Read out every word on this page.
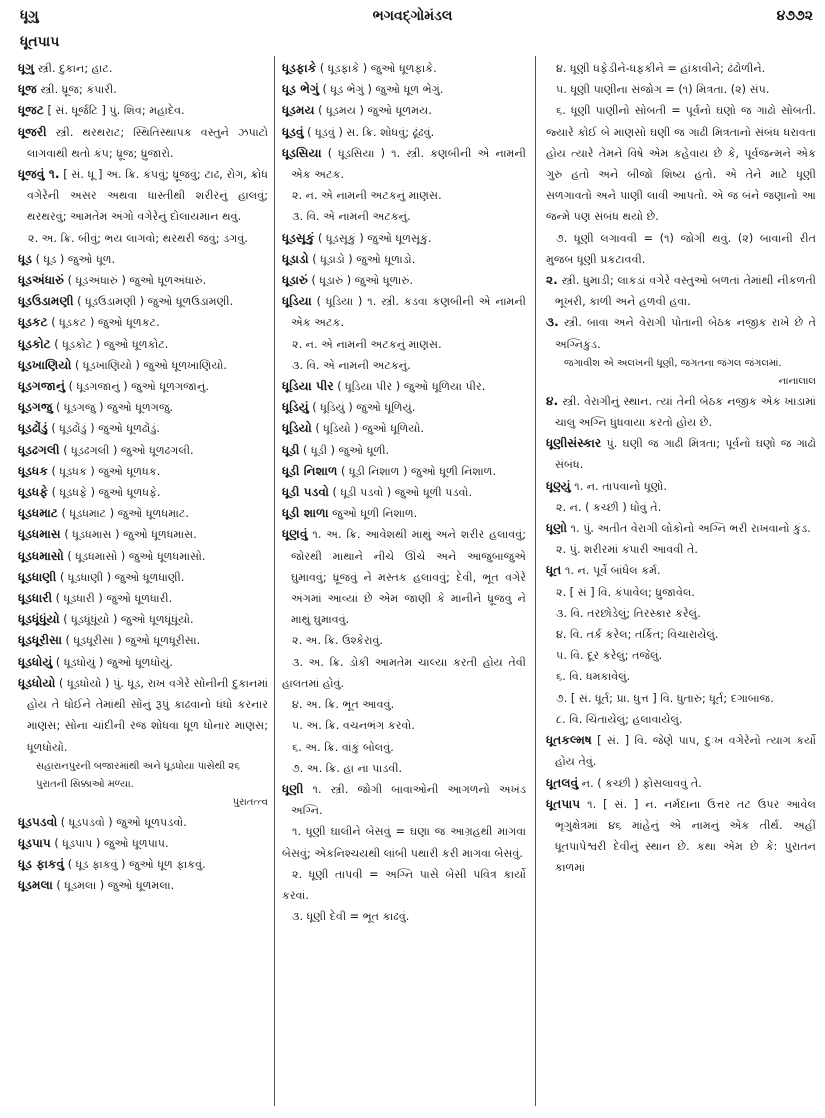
ધૂગુ
ધૂતપાપ
ભગવદ્ગોમંડલ	૪૭૭૨

ધૂગુ સ્ત્રી. દુકાન; હાટ.

ધૂજ સ્ત્રી. ધ્રૂજ; કંપારી.

ધૂજટ [ સં. ધૂર્જટિ ] પું. શિવ; મહાદેવ.

ધૂજરી સ્ત્રી. થરથરાટ; સ્થિતિસ્થાપક વસ્તુને ઝપાટો લાગવાથી થતો કંપ; ધ્રૂજ; ધ્રુજારો.

ધૂજવું ૧. [ સં. ધૂ ] અ. ક્રિ. કંપવું; ધ્રૂજવું; ટાઢ, રોગ, ક્રોધ વગેરેની અસર અથવા ધાસ્તીથી શરીરનું હાલવું; થરથરવું; આમતેમ અંગો વગેરેનું દોલાયમાન થવું.

૨. અ. ક્રિ. બીવું; ભય લાગવો; થરથરી જવું; ડગવું.

ધૂડ ( ધૂડ ) જુઓ ધૂળ.

ધૂડઅંધારું ( ધૂડઅંધારું ) જુઓ ધૂળઅંધારું.

ધૂડઉડામણી ( ધૂડઉડામણી ) જુઓ ધૂળઉડામણી.

ધૂડકટ ( ધૂડકટ ) જુઓ ધૂળકટ.

ધૂડકોટ ( ધૂડકોટ ) જુઓ ધૂળકોટ.

ધૂડખાણિયો ( ધૂડખાણિયો ) જુઓ ધૂળખાણિયો.

ધૂડગજાનું ( ધૂડગજાનું ) જુઓ ધૂળગજાનું.

ધૂડગજુ ( ધૂડગજુ ) જુઓ ધૂળગજુ.

ધૂડઢોંડું ( ધૂડઢોંડું ) જુઓ ધૂળઢોંડું.

ધૂડઢગલી ( ધૂડઢગલી ) જુઓ ધૂળઢગલી.

ધૂડધક ( ધૂડધક ) જુઓ ધૂળધક.

ધૂડધફે ( ધૂડધફે ) જુઓ ધૂળધફે.

ધૂડધમાટ ( ધૂડધમાટ ) જુઓ ધૂળધમાટ.

ધૂડધમાસ ( ધૂડધમાસ ) જુઓ ધૂળધમાસ.

ધૂડધમાસો ( ધૂડધમાસો ) જુઓ ધૂળધમાસો.

ધૂડધાણી ( ધૂડધાણી ) જુઓ ધૂળધાણી.

ધૂડધારી ( ધૂડધારી ) જુઓ ધૂળધારી.

ધૂડધૂંધૂંયો ( ધૂડધૂંધૂંયો ) જુઓ ધૂળધૂંધૂંયો.

ધૂડધૂરીસા ( ધૂડધૂરીસા ) જુઓ ધૂળધૂરીસા.

ધૂડધોયું ( ધૂડધોયું ) જુઓ ધૂળધોયું.

ધૂડધોયો ( ધૂડધોયો ) પું. ધૂડ, રાખ વગેરે સોનીની દુકાનમાં હોય તે ધોઈને તેમાંથી સોનું રૂપું કાઢવાનો ધંધો કરનાર માણસ; સોના ચાંદીની રજ શોધવા ધૂળ ધોનાર માણસ; ધૂળધોયો.

સહારાનપુરની બજારમાંથી અને ધૂડધોયા પાસેથી ૨૬ પુરાતની સિક્કાઓ મળ્યા.
પુરાતત્ત્વ

ધૂડપડવો ( ધૂડપડવો ) જુઓ ધૂળપડવો.

ધૂડપાપ ( ધૂડપાપ ) જુઓ ધૂળપાપ.

ધૂડ ફાકવું ( ધૂડ ફાકવું ) જુઓ ધૂળ ફાકવું.

ધૂડમલા ( ધૂડમલા ) જુઓ ધૂળમલા.

ધૂડફાકે ( ધૂડફાકે ) જુઓ ધૂળફાકે.

ધૂડ ભેગું ( ધૂડ ભેગું ) જુઓ ધૂળ ભેગું.

ધૂડમય ( ધૂડમય ) જુઓ ધૂળમય.

ધૂડવું ( ધૂડવું ) સ. ક્રિ. શોધવું; ઢૂંઢવું.

ધૂડસિયા ( ધૂડસિયા ) ૧. સ્ત્રી. કણબીની એ નામની એક અટક.

૨. ન. એ નામની અટકનું માણસ.

૩. વિ. એ નામની અટકનું.

ધૂડસૂકું ( ધૂડસૂકું ) જુઓ ધૂળસૂકું.

ધૂડાડો ( ધૂડાડો ) જુઓ ધૂળાડો.

ધૂડારું ( ધૂડારું ) જુઓ ધૂળારું.

ધૂડિયા ( ધૂડિયા ) ૧. સ્ત્રી. કડવા કણબીની એ નામની એક અટક.

૨. ન. એ નામની અટકનું માણસ.

૩. વિ. એ નામની અટકનું.

ધૂડિયા પીર ( ધૂડિયા પીર ) જુઓ ધૂળિયા પીર.

ધૂડિયું ( ધૂડિયું ) જુઓ ધૂળિયું.

ધૂડિયો ( ધૂડિયો ) જુઓ ધૂળિયો.

ધૂડી ( ધૂડી ) જુઓ ધૂળી.

ધૂડી નિશાળ ( ધૂડી નિશાળ ) જુઓ ધૂળી નિશાળ.

ધૂડી પડવો ( ધૂડી પડવો ) જુઓ ધૂળી પડવો.

ધૂડી શાળા જુઓ ધૂળી નિશાળ.

ધૂણવું ૧. અ. ક્રિ. આવેશથી માથું અને શરીર હલાવવું; જોરથી માથાને નીચે ઊંચે અને આજુબાજુએ ઘુમાવવું; ધ્રૂજવું ને મસ્તક હલાવવું; દેવી, ભૂત વગેરે અંગમાં આવ્યાં છે એમ જાણી કે માનીને ધ્રૂજવું ને માથું ઘુમાવવું.

૨. અ. ક્રિ. ઉશ્કેરાવું.

૩. અ. ક્રિ. ડોકી આમતેમ ચાલ્યા કરતી હોય તેવી હાલતમાં હોવું.

૪. અ. ક્રિ. ભૂત આવવું.

૫. અ. ક્રિ. વચનભંગ કરવો.

૬. અ. ક્રિ. વાંકું બોલવું.

૭. અ. ક્રિ. હા ના પાડવી.

ધૂણી ૧. સ્ત્રી. જોગી બાવાઓની આગળનો અખંડ અગ્નિ.

૧. ધૂણી ઘાલીને બેસવું = ઘણા જ આગ્રહથી માગવા બેસવું; એકનિશ્ચયથી લાંબી પથારી કરી માગવા બેસવું.

૨. ધૂણી તાપવી = અગ્નિ પાસે બેસી પવિત્ર કાર્યો કરવાં.

૩. ધૂણી દેવી = ભૂત કાઢવું.

૪. ધૂણી ધફેડીને-ધફકીને = હાંકાવીને; ઢંઢોળીને.

૫. ધૂણી પાણીના સંજોગ = (૧) મિત્રતા. (૨) સંપ.

૬. ધૂણી પાણીનો સોબતી = પૂર્વનો ઘણો જ ગાઢો સોબતી. જ્યારે કોઈ બે માણસો ઘણી જ ગાઢી મિત્રતાનો સંબંધ ધરાવતા હોય ત્યારે તેમને વિષે એમ કહેવાય છે કે, પૂર્વજન્મને એક ગુરુ હતો અને બીજો શિષ્ય હતો. એ તેને માટે ધૂણી સળગાવતો અને પાણી લાવી આપતો. એ જ બંને જણાનો આ જન્મે પણ સંબંધ થયો છે.

૭. ધૂણી લગાવવી = (૧) જોગી થવું. (૨) બાવાની રીત મુજબ ધૂણી પ્રકટાવવી.

૨. સ્ત્રી. ધુમાડી; લાકડાં વગેરે વસ્તુઓ બળતાં તેમાંથી નીકળતી ભૂખરી, કાળી અને હળવી હવા.

૩. સ્ત્રી. બાવા અને વેરાગી પોતાની બેઠક નજીક રાખે છે તે અગ્નિકુંડ.

જગાવીશ એ અલખની ધૂણી, જગતના જંગલ જંગલમાં.
નાનાલાલ

૪. સ્ત્રી. વેરાગીનું સ્થાન. ત્યાં તેની બેઠક નજીક એક ખાડામાં ચાલુ અગ્નિ ધુંધવાયા કરતો હોય છે.

ધૂણીસંસ્કાર પું. ઘણી જ ગાઢી મિત્રતા; પૂર્વનો ઘણો જ ગાઢો સંબંધ.

ધૂણ્યું ૧. ન. તાપવાનો ધૂણો.

૨. ન. ( કચ્છી ) ધોવું તે.

ધૂણો ૧. પું. અતીત વેરાગી લોકોનો અગ્નિ ભરી રાખવાનો કુંડ.

૨. પું. શરીરમાં કંપારી આવવી તે.

ધૂત ૧. ન. પૂર્વે બાંધેલ કર્મ.

૨. [ સં ] વિ. કંપાવેલ; ધ્રુજાવેલ.

૩. વિ. તરછોડેલું; તિરસ્કાર કરેલું.

૪. વિ. તર્ક કરેલ; તર્કિત; વિચારાયેલું.

૫. વિ. દૂર કરેલું; તજેલું.

૬. વિ. ધમકાવેલું.

૭. [ સં. ધૂર્ત; પ્રા. ધુત્ત ] વિ. ધુતારું; ધૂર્ત; દગાબાજ.

૮. વિ. ચિંતાયેલું; હલાવાયેલું.

ધૂતકલ્મષ [ સં. ] વિ. જેણે પાપ, દુઃખ વગેરેનો ત્યાગ કર્યો હોય તેવું.

ધૂતલવું ન. ( કચ્છી ) ફોસલાવવું તે.

ધૂતપાપ ૧. [ સં. ] ન. નર્મદાના ઉત્તર તટ ઉપર આવેલ ભૃગુક્ષેત્રમાં ૪૬ માંહેનું એ નામનું એક તીર્થ. અહીં ધૂતપાપેશ્વરી દેવીનું સ્થાન છે. કથા એમ છે કે: પુરાતન કાળમાં
